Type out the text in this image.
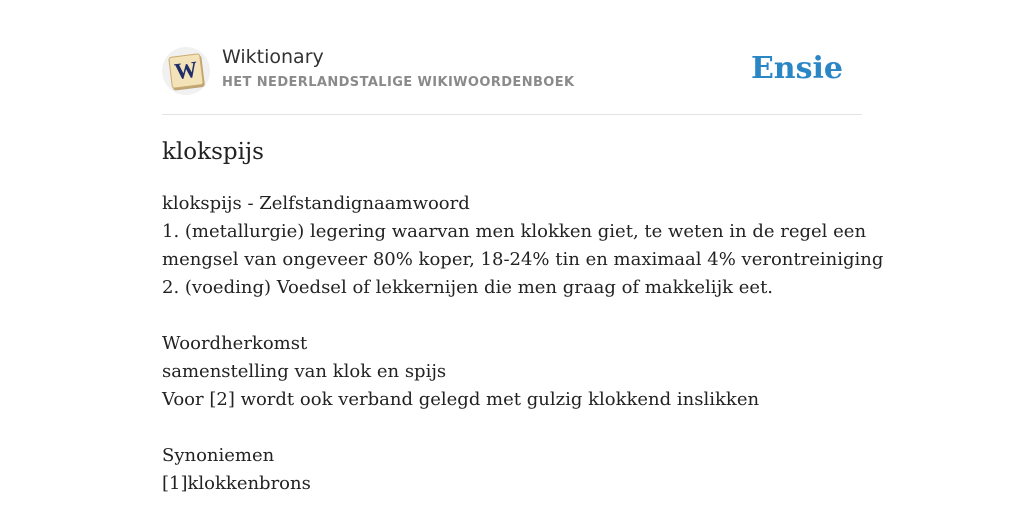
W Wiktionary
HET NEDERLANDSTALIGE WIKIWOORDENBOEK	Ensie
klokspijs
klokspijs - Zelfstandignaamwoord
1. (metallurgie) legering waarvan men klokken giet, te weten in de regel een
mengsel van ongeveer 80% koper, 18-24% tin en maximaal 4% verontreiniging
2. (voeding) Voedsel of lekkernijen die men graag of makkelijk eet.
Woordherkomst
samenstelling van klok en spijs
Voor [2] wordt ook verband gelegd met gulzig klokkend inslikken
Synoniemen
[1]klokkenbrons
